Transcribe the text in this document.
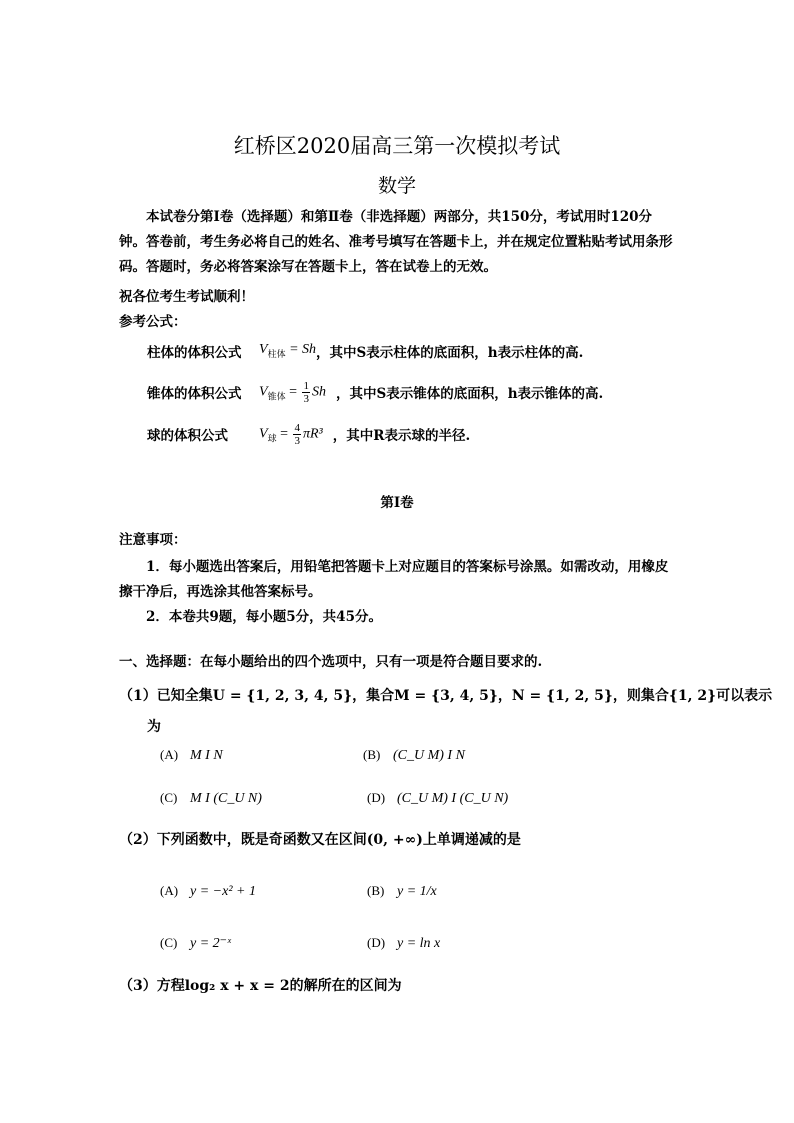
红桥区2020届高三第一次模拟考试
数学

本试卷分第Ⅰ卷（选择题）和第Ⅱ卷（非选择题）两部分，共150分，考试用时120分钟。答卷前，考生务必将自己的姓名、准考号填写在答题卡上，并在规定位置粘贴考试用条形码。答题时，务必将答案涂写在答题卡上，答在试卷上的无效。

祝各位考生考试顺利！
参考公式：
柱体的体积公式	$V_{柱体} = Sh$ ，其中S表示柱体的底面积，h表示柱体的高.
锥体的体积公式	$V_{锥体} = \frac{1}{3}$ Sh ，其中S表示锥体的底面积，h表示锥体的高.
球的体积公式	$V_球 = \frac{4}{3} \pi R^3$ ，其中R表示球的半径.
第Ⅰ卷
注意事项：

1．每小题选出答案后，用铅笔把答题卡上对应题目的答案标号涂黑。如需改动，用橡皮擦干净后，再选涂其他答案标号。

2．本卷共9题，每小题5分，共45分。

一、选择题：在每小题给出的四个选项中，只有一项是符合题目要求的.
（1）已知全集U = {1, 2, 3, 4, 5}，集合M = {3, 4, 5}，N = {1, 2, 5}，则集合{1, 2}可以表示
为
(A) M I N	(B) (C_U M) I N
(C) M I (C_U N)	(D) (C_U M) I (C_U N)
（2）下列函数中，既是奇函数又在区间(0, +∞)上单调递减的是
(A) y = −x² + 1	(B) y = 1/x
(C) y = 2⁻ˣ	(D) y = ln x
（3）方程log₂ x + x = 2的解所在的区间为
